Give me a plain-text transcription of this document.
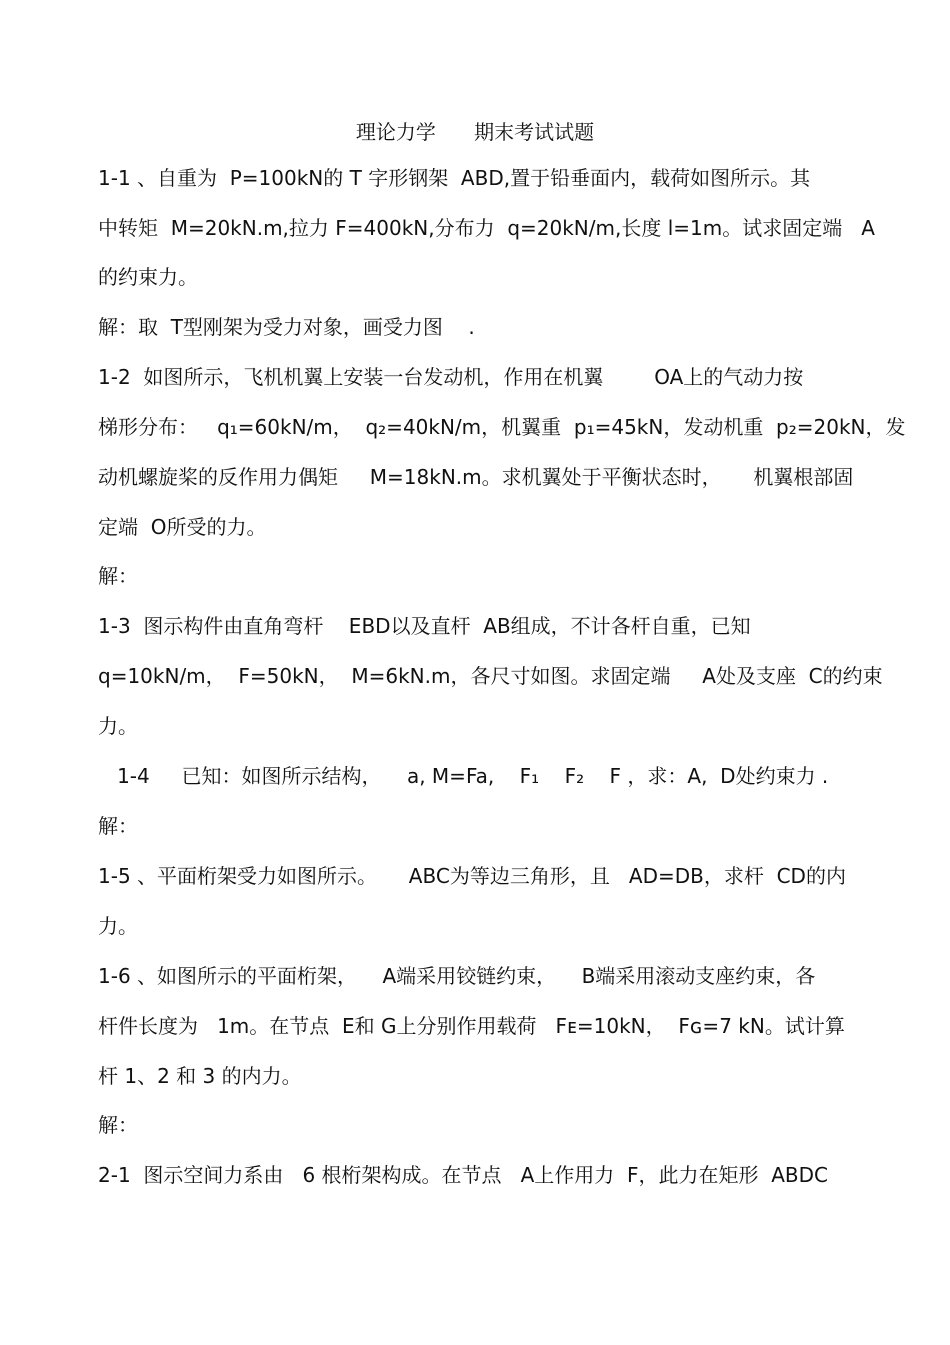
理论力学      期末考试试题
1-1 、自重为  P=100kN的 T 字形钢架  ABD,置于铅垂面内，载荷如图所示。其
中转矩  M=20kN.m,拉力 F=400kN,分布力  q=20kN/m,长度 l=1m。试求固定端   A
的约束力。
解：取  T型刚架为受力对象，画受力图    .
1-2  如图所示，飞机机翼上安装一台发动机，作用在机翼        OA上的气动力按
梯形分布：   q₁=60kN/m，  q₂=40kN/m，机翼重  p₁=45kN，发动机重  p₂=20kN，发
动机螺旋桨的反作用力偶矩     M=18kN.m。求机翼处于平衡状态时，     机翼根部固
定端  O所受的力。
解：
1-3  图示构件由直角弯杆    EBD以及直杆  AB组成，不计各杆自重，已知
q=10kN/m，  F=50kN，  M=6kN.m，各尺寸如图。求固定端     A处及支座  C的约束
力。
1-4     已知：如图所示结构，    a, M=Fa,    F₁    F₂    F ，求：A,  D处约束力 .
解：
1-5 、平面桁架受力如图所示。     ABC为等边三角形，且   AD=DB，求杆  CD的内
力。
1-6 、如图所示的平面桁架，    A端采用铰链约束，    B端采用滚动支座约束，各
杆件长度为   1m。在节点  E和 G上分别作用载荷   Fᴇ=10kN，  Fɢ=7 kN。试计算
杆 1、2 和 3 的内力。
解：
2-1  图示空间力系由   6 根桁架构成。在节点   A上作用力  F，此力在矩形  ABDC
